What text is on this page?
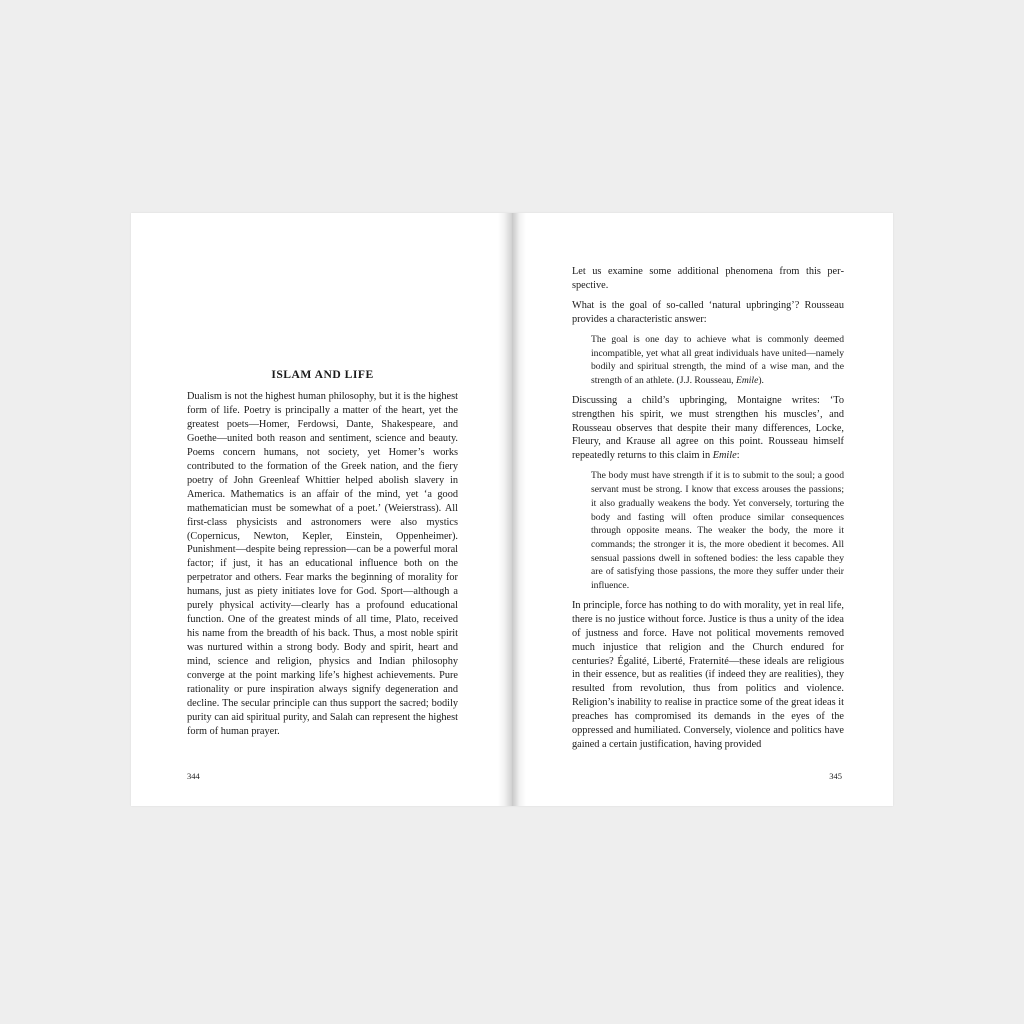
ISLAM AND LIFE

Dualism is not the highest human philosophy, but it is the highest form of life. Poetry is principally a matter of the heart, yet the greatest poets—Homer, Ferdowsi, Dante, Shakespeare, and Goethe—united both reason and sentiment, science and beauty. Poems concern humans, not society, yet Homer’s works contributed to the formation of the Greek nation, and the fiery poetry of John Greenleaf Whittier helped abolish slavery in America. Mathematics is an affair of the mind, yet ‘a good mathematician must be somewhat of a poet.’ (Weierstrass). All first-class physicists and astronomers were also mystics (Copernicus, Newton, Kepler, Einstein, Oppenheimer). Punishment—despite being repression—can be a powerful moral factor; if just, it has an educational influence both on the perpetrator and others. Fear marks the beginning of morality for humans, just as piety initiates love for God. Sport—although a purely physical activity—clearly has a profound educational function. One of the greatest minds of all time, Plato, received his name from the breadth of his back. Thus, a most noble spirit was nurtured within a strong body. Body and spirit, heart and mind, science and religion, physics and Indian philosophy converge at the point marking life’s highest achievements. Pure rationality or pure inspiration always signify degeneration and decline. The secular principle can thus support the sacred; bodily purity can aid spiritual purity, and Salah can represent the highest form of human prayer.

344

Let us examine some additional phenomena from this perspective.

What is the goal of so-called ‘natural upbringing’? Rousseau provides a characteristic answer:

The goal is one day to achieve what is commonly deemed incompatible, yet what all great individuals have united—namely bodily and spiritual strength, the mind of a wise man, and the strength of an athlete. (J.J. Rousseau, Emile).

Discussing a child’s upbringing, Montaigne writes: ‘To strengthen his spirit, we must strengthen his muscles’, and Rousseau observes that despite their many differences, Locke, Fleury, and Krause all agree on this point. Rousseau himself repeatedly returns to this claim in Emile:

The body must have strength if it is to submit to the soul; a good servant must be strong. I know that excess arouses the passions; it also gradually weakens the body. Yet conversely, torturing the body and fasting will often produce similar consequences through opposite means. The weaker the body, the more it commands; the stronger it is, the more obedient it becomes. All sensual passions dwell in softened bodies: the less capable they are of satisfying those passions, the more they suffer under their influence.

In principle, force has nothing to do with morality, yet in real life, there is no justice without force. Justice is thus a unity of the idea of justness and force. Have not political movements removed much injustice that religion and the Church endured for centuries? Égalité, Liberté, Fraternité—these ideals are religious in their essence, but as realities (if indeed they are realities), they resulted from revolution, thus from politics and violence. Religion’s inability to realise in practice some of the great ideas it preaches has compromised its demands in the eyes of the oppressed and humiliated. Conversely, violence and politics have gained a certain justification, having provided

345
